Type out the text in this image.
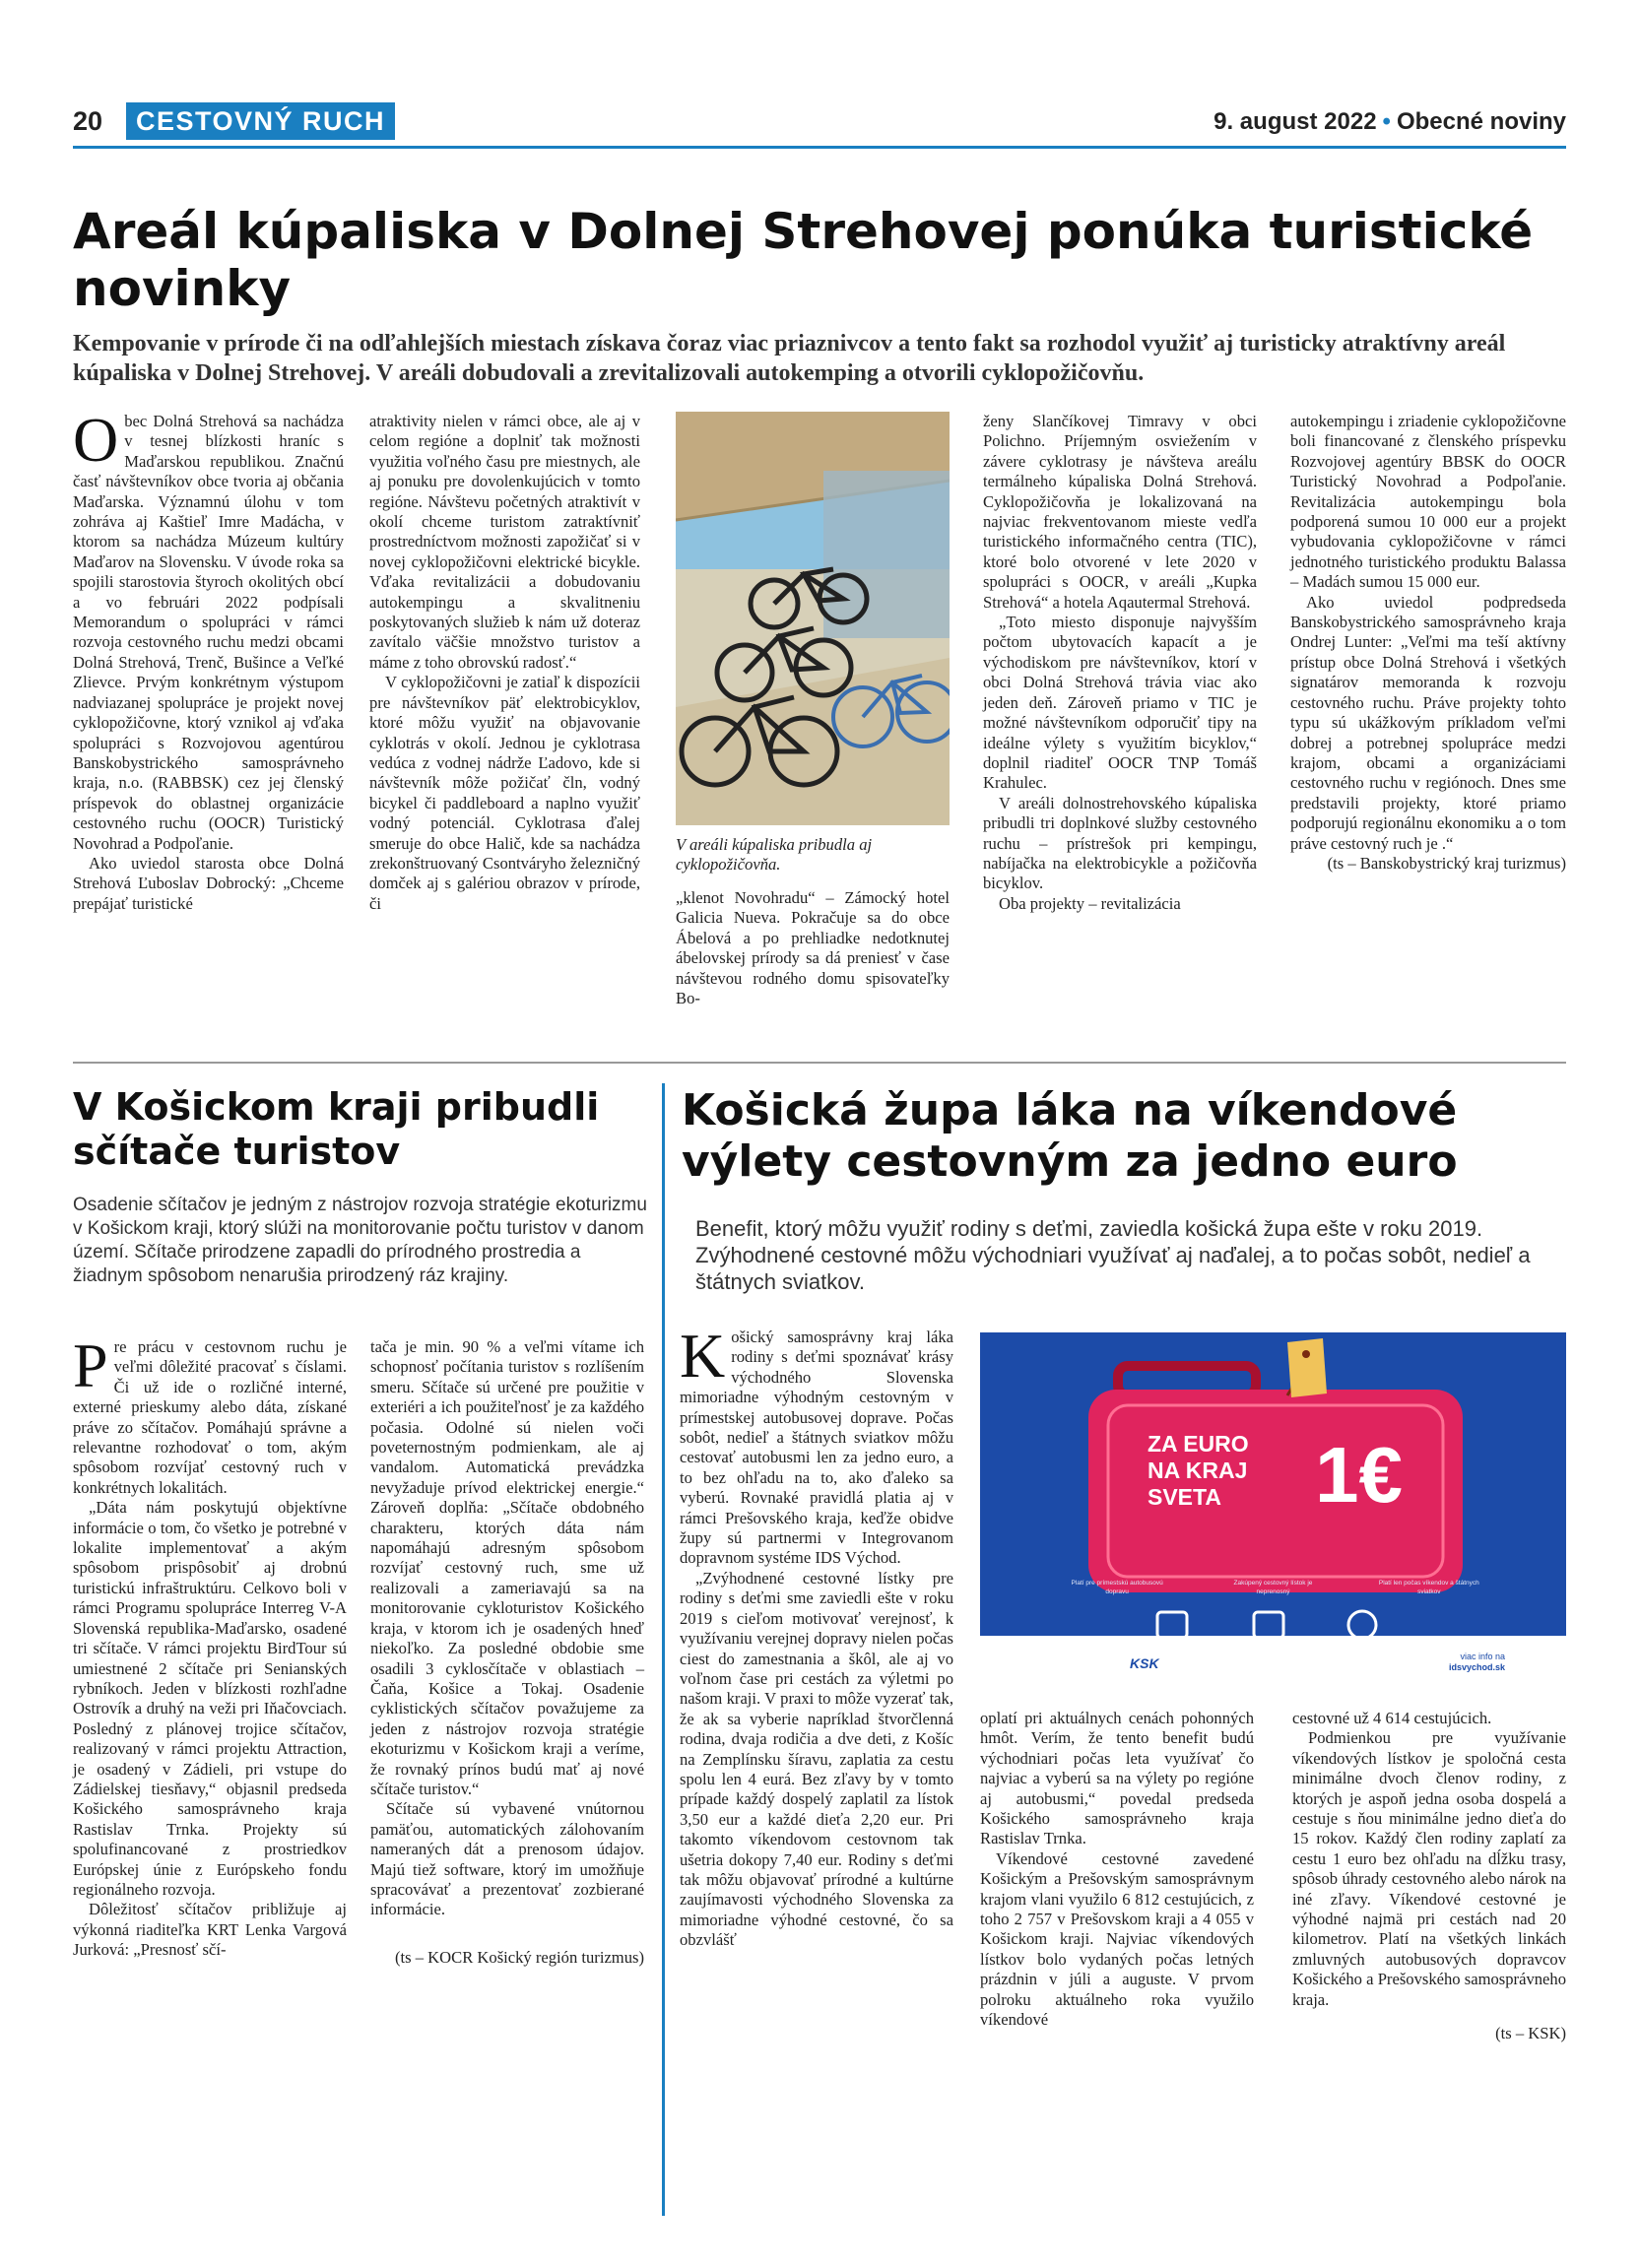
20	CESTOVNÝ RUCH	9. august 2022 • Obecné noviny
Areál kúpaliska v Dolnej Strehovej ponúka turistické novinky
Kempovanie v prírode či na odľahlejších miestach získava čoraz viac priaznivcov a tento fakt sa rozhodol využiť aj turisticky atraktívny areál kúpaliska v Dolnej Strehovej. V areáli dobudovali a zrevitalizovali autokemping a otvorili cyklopožičovňu.

Obec Dolná Strehová sa nachádza v tesnej blízkosti hraníc s Maďarskou republikou. Značnú časť návštevníkov obce tvoria aj občania Maďarska. Významnú úlohu v tom zohráva aj Kaštieľ Imre Madácha, v ktorom sa nachádza Múzeum kultúry Maďarov na Slovensku. V úvode roka sa spojili starostovia štyroch okolitých obcí a vo februári 2022 podpísali Memorandum o spolupráci v rámci rozvoja cestovného ruchu medzi obcami Dolná Strehová, Trenč, Bušince a Veľké Zlievce. Prvým konkrétnym výstupom nadviazanej spolupráce je projekt novej cyklopožičovne, ktorý vznikol aj vďaka spolupráci s Rozvojovou agentúrou Banskobystrického samosprávneho kraja, n.o. (RABBSK) cez jej členský príspevok do oblastnej organizácie cestovného ruchu (OOCR) Turistický Novohrad a Podpoľanie.

Ako uviedol starosta obce Dolná Strehová Ľuboslav Dobrocký: „Chceme prepájať turistické

atraktivity nielen v rámci obce, ale aj v celom regióne a doplniť tak možnosti využitia voľného času pre miestnych, ale aj ponuku pre dovolenkujúcich v tomto regióne. Návštevu početných atraktivít v okolí chceme turistom zatraktívniť prostredníctvom možnosti zapožičať si v novej cyklopožičovni elektrické bicykle. Vďaka revitalizácii a dobudovaniu autokempingu a skvalitneniu poskytovaných služieb k nám už doteraz zavítalo väčšie množstvo turistov a máme z toho obrovskú radosť.“

V cyklopožičovni je zatiaľ k dispozícii pre návštevníkov päť elektrobicyklov, ktoré môžu využiť na objavovanie cyklotrás v okolí. Jednou je cyklotrasa vedúca z vodnej nádrže Ľadovo, kde si návštevník môže požičať čln, vodný bicykel či paddleboard a naplno využiť vodný potenciál. Cyklotrasa ďalej smeruje do obce Halič, kde sa nachádza zrekonštruovaný Csontváryho železničný domček aj s galériou obrazov v prírode, či

V areáli kúpaliska pribudla aj cyklopožičovňa.

„klenot Novohradu“ – Zámocký hotel Galicia Nueva. Pokračuje sa do obce Ábelová a po prehliadke nedotknutej ábelovskej prírody sa dá preniesť v čase návštevou rodného domu spisovateľky Bo-

ženy Slančíkovej Timravy v obci Polichno. Príjemným osviežením v závere cyklotrasy je návšteva areálu termálneho kúpaliska Dolná Strehová. Cyklopožičovňa je lokalizovaná na najviac frekventovanom mieste vedľa turistického informačného centra (TIC), ktoré bolo otvorené v lete 2020 v spolupráci s OOCR, v areáli „Kupka Strehová“ a hotela Aqautermal Strehová.

„Toto miesto disponuje najvyšším počtom ubytovacích kapacít a je východiskom pre návštevníkov, ktorí v obci Dolná Strehová trávia viac ako jeden deň. Zároveň priamo v TIC je možné návštevníkom odporučiť tipy na ideálne výlety s využitím bicyklov,“ doplnil riaditeľ OOCR TNP Tomáš Krahulec.

V areáli dolnostrehovského kúpaliska pribudli tri doplnkové služby cestovného ruchu – prístrešok pri kempingu, nabíjačka na elektrobicykle a požičovňa bicyklov.

Oba projekty – revitalizácia

autokempingu i zriadenie cyklopožičovne boli financované z členského príspevku Rozvojovej agentúry BBSK do OOCR Turistický Novohrad a Podpoľanie. Revitalizácia autokempingu bola podporená sumou 10 000 eur a projekt vybudovania cyklopožičovne v rámci jednotného turistického produktu Balassa – Madách sumou 15 000 eur.

Ako uviedol podpredseda Banskobystrického samosprávneho kraja Ondrej Lunter: „Veľmi ma teší aktívny prístup obce Dolná Strehová i všetkých signatárov memoranda k rozvoju cestovného ruchu. Práve projekty tohto typu sú ukážkovým príkladom veľmi dobrej a potrebnej spolupráce medzi krajom, obcami a organizáciami cestovného ruchu v regiónoch. Dnes sme predstavili projekty, ktoré priamo podporujú regionálnu ekonomiku a o tom práve cestovný ruch je .“

(ts – Banskobystrický kraj turizmus)

V Košickom kraji pribudli sčítače turistov
Osadenie sčítačov je jedným z nástrojov rozvoja stratégie ekoturizmu v Košickom kraji, ktorý slúži na monitorovanie počtu turistov v danom území. Sčítače prirodzene zapadli do prírodného prostredia a žiadnym spôsobom nenarušia prirodzený ráz krajiny.

Pre prácu v cestovnom ruchu je veľmi dôležité pracovať s číslami. Či už ide o rozličné interné, externé prieskumy alebo dáta, získané práve zo sčítačov. Pomáhajú správne a relevantne rozhodovať o tom, akým spôsobom rozvíjať cestovný ruch v konkrétnych lokalitách.

„Dáta nám poskytujú objektívne informácie o tom, čo všetko je potrebné v lokalite implementovať a akým spôsobom prispôsobiť aj drobnú turistickú infraštruktúru. Celkovo boli v rámci Programu spolupráce Interreg V-A Slovenská republika-Maďarsko, osadené tri sčítače. V rámci projektu BirdTour sú umiestnené 2 sčítače pri Senianských rybníkoch. Jeden v blízkosti rozhľadne Ostrovík a druhý na veži pri Iňačovciach. Posledný z plánovej trojice sčítačov, realizovaný v rámci projektu Attraction, je osadený v Zádieli, pri vstupe do Zádielskej tiesňavy,“ objasnil predseda Košického samosprávneho kraja Rastislav Trnka. Projekty sú spolufinancované z prostriedkov Európskej únie z Európskeho fondu regionálneho rozvoja.

Dôležitosť sčítačov približuje aj výkonná riaditeľka KRT Lenka Vargová Jurková: „Presnosť sčí-

tača je min. 90 % a veľmi vítame ich schopnosť počítania turistov s rozlíšením smeru. Sčítače sú určené pre použitie v exteriéri a ich použiteľnosť je za každého počasia. Odolné sú nielen voči poveternostným podmienkam, ale aj vandalom. Automatická prevádzka nevyžaduje prívod elektrickej energie.“ Zároveň doplňa: „Sčítače obdobného charakteru, ktorých dáta nám napomáhajú adresným spôsobom rozvíjať cestovný ruch, sme už realizovali a zameriavajú sa na monitorovanie cykloturistov Košického kraja, v ktorom ich je osadených hneď niekoľko. Za posledné obdobie sme osadili 3 cyklosčítače v oblastiach – Čaňa, Košice a Tokaj. Osadenie cyklistických sčítačov považujeme za jeden z nástrojov rozvoja stratégie ekoturizmu v Košickom kraji a veríme, že rovnaký prínos budú mať aj nové sčítače turistov.“

Sčítače sú vybavené vnútornou pamäťou, automatických zálohovaním nameraných dát a prenosom údajov. Majú tiež software, ktorý im umožňuje spracovávať a prezentovať zozbierané informácie.

(ts – KOCR Košický región turizmus)

Košická župa láka na víkendové výlety cestovným za jedno euro
Benefit, ktorý môžu využiť rodiny s deťmi, zaviedla košická župa ešte v roku 2019. Zvýhodnené cestovné môžu východniari využívať aj naďalej, a to počas sobôt, nedieľ a štátnych sviatkov.

Košický samosprávny kraj láka rodiny s deťmi spoznávať krásy východného Slovenska mimoriadne výhodným cestovným v prímestskej autobusovej doprave. Počas sobôt, nedieľ a štátnych sviatkov môžu cestovať autobusmi len za jedno euro, a to bez ohľadu na to, ako ďaleko sa vyberú. Rovnaké pravidlá platia aj v rámci Prešovského kraja, keďže obidve župy sú partnermi v Integrovanom dopravnom systéme IDS Východ.

„Zvýhodnené cestovné lístky pre rodiny s deťmi sme zaviedli ešte v roku 2019 s cieľom motivovať verejnosť, k využívaniu verejnej dopravy nielen počas ciest do zamestnania a škôl, ale aj vo voľnom čase pri cestách za výletmi po našom kraji. V praxi to môže vyzerať tak, že ak sa vyberie napríklad štvorčlenná rodina, dvaja rodičia a dve deti, z Košíc na Zemplínsku šíravu, zaplatia za cestu spolu len 4 eurá. Bez zľavy by v tomto prípade každý dospelý zaplatil za lístok 3,50 eur a každé dieťa 2,20 eur. Pri takomto víkendovom cestovnom tak ušetria dokopy 7,40 eur. Rodiny s deťmi tak môžu objavovať prírodné a kultúrne zaujímavosti východného Slovenska za mimoriadne výhodné cestovné, čo sa obzvlášť

ZA EURO
NA KRAJ
SVETA	1€
Platí pre prímestskú autobusovú dopravu
Zakúpený cestovný lístok je neprenosný
Platí len počas víkendov a štátnych sviatkov
KSK	viac info na
idsvychod.sk

oplatí pri aktuálnych cenách pohonných hmôt. Verím, že tento benefit budú východniari počas leta využívať čo najviac a vyberú sa na výlety po regióne aj autobusmi,“ povedal predseda Košického samosprávneho kraja Rastislav Trnka.

Víkendové cestovné zavedené Košickým a Prešovským samosprávnym krajom vlani využilo 6 812 cestujúcich, z toho 2 757 v Prešovskom kraji a 4 055 v Košickom kraji. Najviac víkendových lístkov bolo vydaných počas letných prázdnin v júli a auguste. V prvom polroku aktuálneho roka využilo víkendové

cestovné už 4 614 cestujúcich.

Podmienkou pre využívanie víkendových lístkov je spoločná cesta minimálne dvoch členov rodiny, z ktorých je aspoň jedna osoba dospelá a cestuje s ňou minimálne jedno dieťa do 15 rokov. Každý člen rodiny zaplatí za cestu 1 euro bez ohľadu na dĺžku trasy, spôsob úhrady cestovného alebo nárok na iné zľavy. Víkendové cestovné je výhodné najmä pri cestách nad 20 kilometrov. Platí na všetkých linkách zmluvných autobusových dopravcov Košického a Prešovského samosprávneho kraja.

(ts – KSK)
